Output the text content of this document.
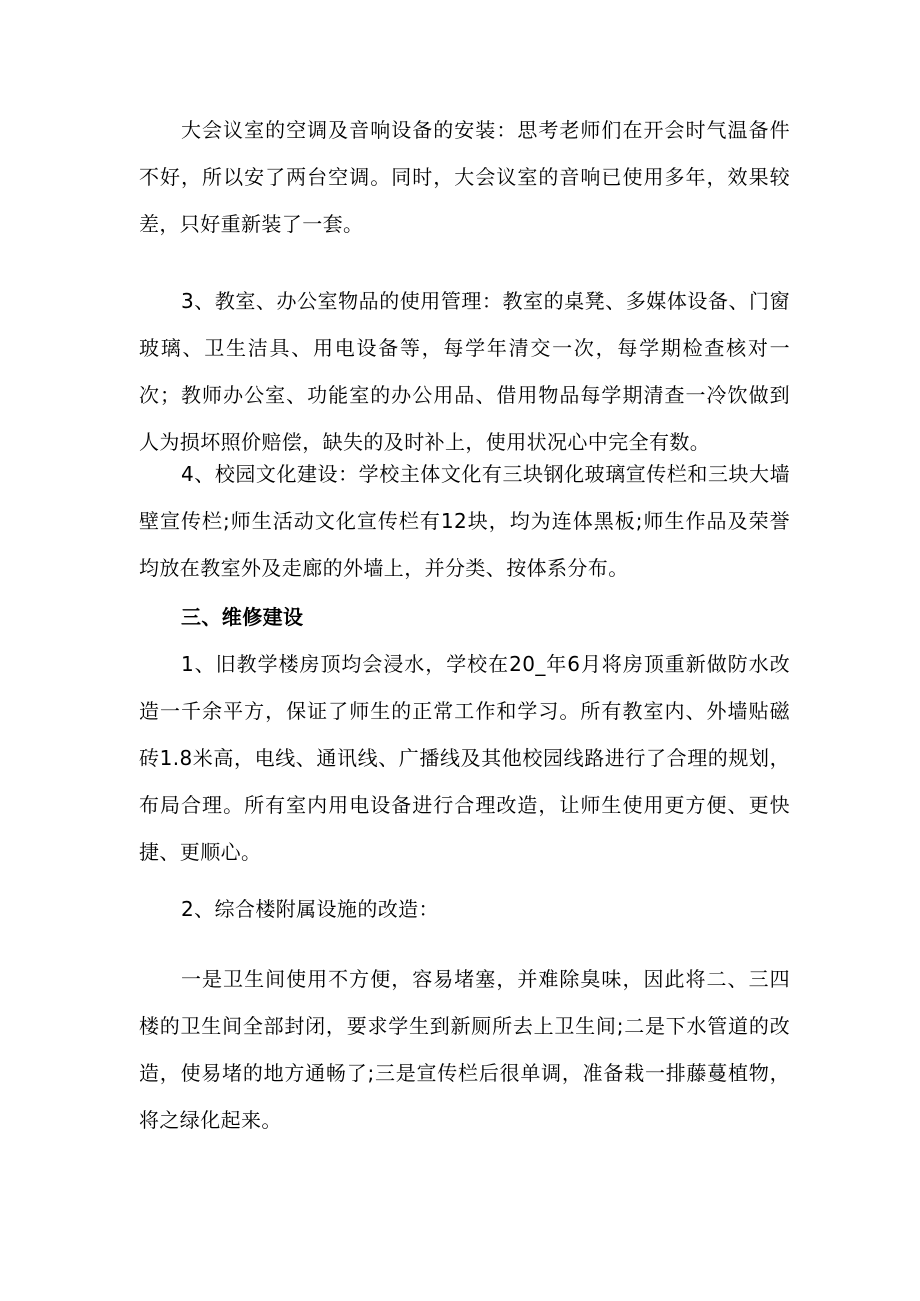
大会议室的空调及音响设备的安装：思考老师们在开会时气温备件不好，所以安了两台空调。同时，大会议室的音响已使用多年，效果较差，只好重新装了一套。

3、教室、办公室物品的使用管理：教室的桌凳、多媒体设备、门窗玻璃、卫生洁具、用电设备等，每学年清交一次，每学期检查核对一次；教师办公室、功能室的办公用品、借用物品每学期清查一冷饮做到人为损坏照价赔偿，缺失的及时补上，使用状况心中完全有数。

4、校园文化建设：学校主体文化有三块钢化玻璃宣传栏和三块大墙壁宣传栏;师生活动文化宣传栏有12块，均为连体黑板;师生作品及荣誉均放在教室外及走廊的外墙上，并分类、按体系分布。

三、维修建设

1、旧教学楼房顶均会浸水，学校在20_年6月将房顶重新做防水改造一千余平方，保证了师生的正常工作和学习。所有教室内、外墙贴磁砖1.8米高，电线、通讯线、广播线及其他校园线路进行了合理的规划，布局合理。所有室内用电设备进行合理改造，让师生使用更方便、更快捷、更顺心。

2、综合楼附属设施的改造：

一是卫生间使用不方便，容易堵塞，并难除臭味，因此将二、三四楼的卫生间全部封闭，要求学生到新厕所去上卫生间;二是下水管道的改造，使易堵的地方通畅了;三是宣传栏后很单调，准备栽一排藤蔓植物，将之绿化起来。
